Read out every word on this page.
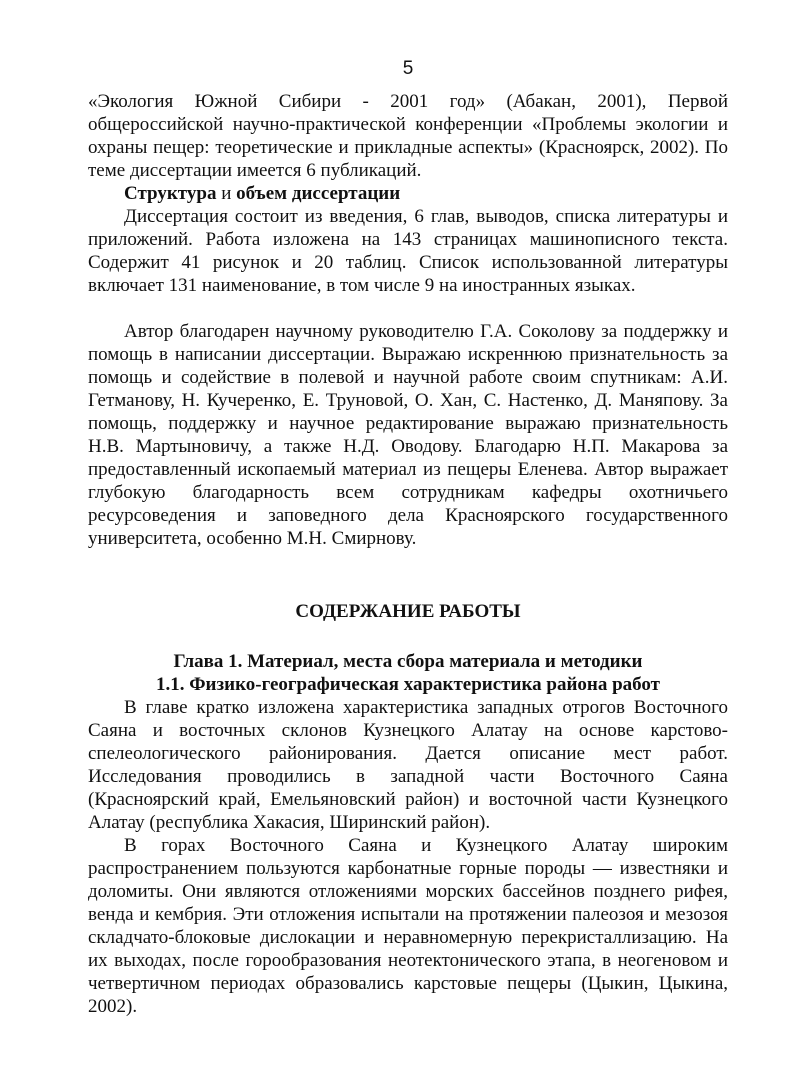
5

«Экология Южной Сибири - 2001 год» (Абакан, 2001), Первой общероссийской научно-практической конференции «Проблемы экологии и охраны пещер: теоретические и прикладные аспекты» (Красноярск, 2002). По теме диссертации имеется 6 публикаций.

Структура и объем диссертации

Диссертация состоит из введения, 6 глав, выводов, списка литературы и приложений. Работа изложена на 143 страницах машинописного текста. Содержит 41 рисунок и 20 таблиц. Список использованной литературы включает 131 наименование, в том числе 9 на иностранных языках.

Автор благодарен научному руководителю Г.А. Соколову за поддержку и помощь в написании диссертации. Выражаю искреннюю признательность за помощь и содействие в полевой и научной работе своим спутникам: А.И. Гетманову, Н. Кучеренко, Е. Труновой, О. Хан, С. Настенко, Д. Маняпову. За помощь, поддержку и научное редактирование выражаю признательность Н.В. Мартыновичу, а также Н.Д. Оводову. Благодарю Н.П. Макарова за предоставленный ископаемый материал из пещеры Еленева. Автор выражает глубокую благодарность всем сотрудникам кафедры охотничьего ресурсоведения и заповедного дела Красноярского государственного университета, особенно М.Н. Смирнову.

СОДЕРЖАНИЕ РАБОТЫ

Глава 1. Материал, места сбора материала и методики

1.1. Физико-географическая характеристика района работ

В главе кратко изложена характеристика западных отрогов Восточного Саяна и восточных склонов Кузнецкого Алатау на основе карстово-спелеологического районирования. Дается описание мест работ. Исследования проводились в западной части Восточного Саяна (Красноярский край, Емельяновский район) и восточной части Кузнецкого Алатау (республика Хакасия, Ширинский район).

В горах Восточного Саяна и Кузнецкого Алатау широким распространением пользуются карбонатные горные породы — известняки и доломиты. Они являются отложениями морских бассейнов позднего рифея, венда и кембрия. Эти отложения испытали на протяжении палеозоя и мезозоя складчато-блоковые дислокации и неравномерную перекристаллизацию. На их выходах, после горообразования неотектонического этапа, в неогеновом и четвертичном периодах образовались карстовые пещеры (Цыкин, Цыкина, 2002).
